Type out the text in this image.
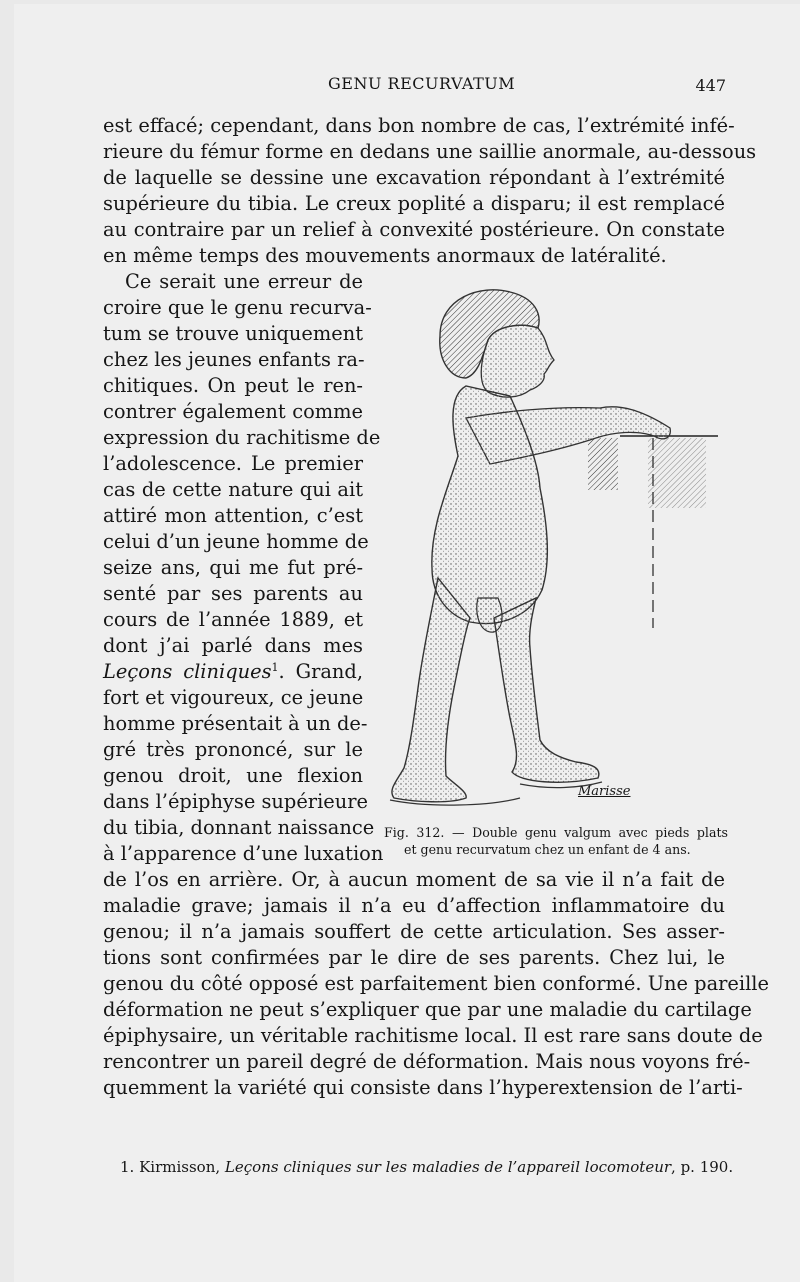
GENU RECURVATUM	447
est effacé; cependant, dans bon nombre de cas, l’extrémité infé-
rieure du fémur forme en dedans une saillie anormale, au-dessous
de laquelle se dessine une excavation répondant à l’extrémité
supérieure du tibia. Le creux poplité a disparu; il est remplacé
au contraire par un relief à convexité postérieure. On constate
en même temps des mouvements anormaux de latéralité.
Ce serait une erreur de
croire que le genu recurva-
tum se trouve uniquement
chez les jeunes enfants ra-
chitiques. On peut le ren-
contrer également comme
expression du rachitisme de
l’adolescence. Le premier
cas de cette nature qui ait
attiré mon attention, c’est
celui d’un jeune homme de
seize ans, qui me fut pré-
senté par ses parents au
cours de l’année 1889, et
dont j’ai parlé dans mes
Leçons cliniques$^1$. Grand,
fort et vigoureux, ce jeune
homme présentait à un de-
gré très prononcé, sur le
genou droit, une flexion
dans l’épiphyse supérieure
du tibia, donnant naissance
à l’apparence d’une luxation
de l’os en arrière. Or, à aucun moment de sa vie il n’a fait de
maladie grave; jamais il n’a eu d’affection inflammatoire du
genou; il n’a jamais souffert de cette articulation. Ses asser-
tions sont confirmées par le dire de ses parents. Chez lui, le
genou du côté opposé est parfaitement bien conformé. Une pareille
déformation ne peut s’expliquer que par une maladie du cartilage
épiphysaire, un véritable rachitisme local. Il est rare sans doute de
rencontrer un pareil degré de déformation. Mais nous voyons fré-
quemment la variété qui consiste dans l’hyperextension de l’arti-
Marisse
Fig. 312. — Double genu valgum avec pieds plats
et genu recurvatum chez un enfant de 4 ans.
1. Kirmisson, Leçons cliniques sur les maladies de l’appareil locomoteur, p. 190.
